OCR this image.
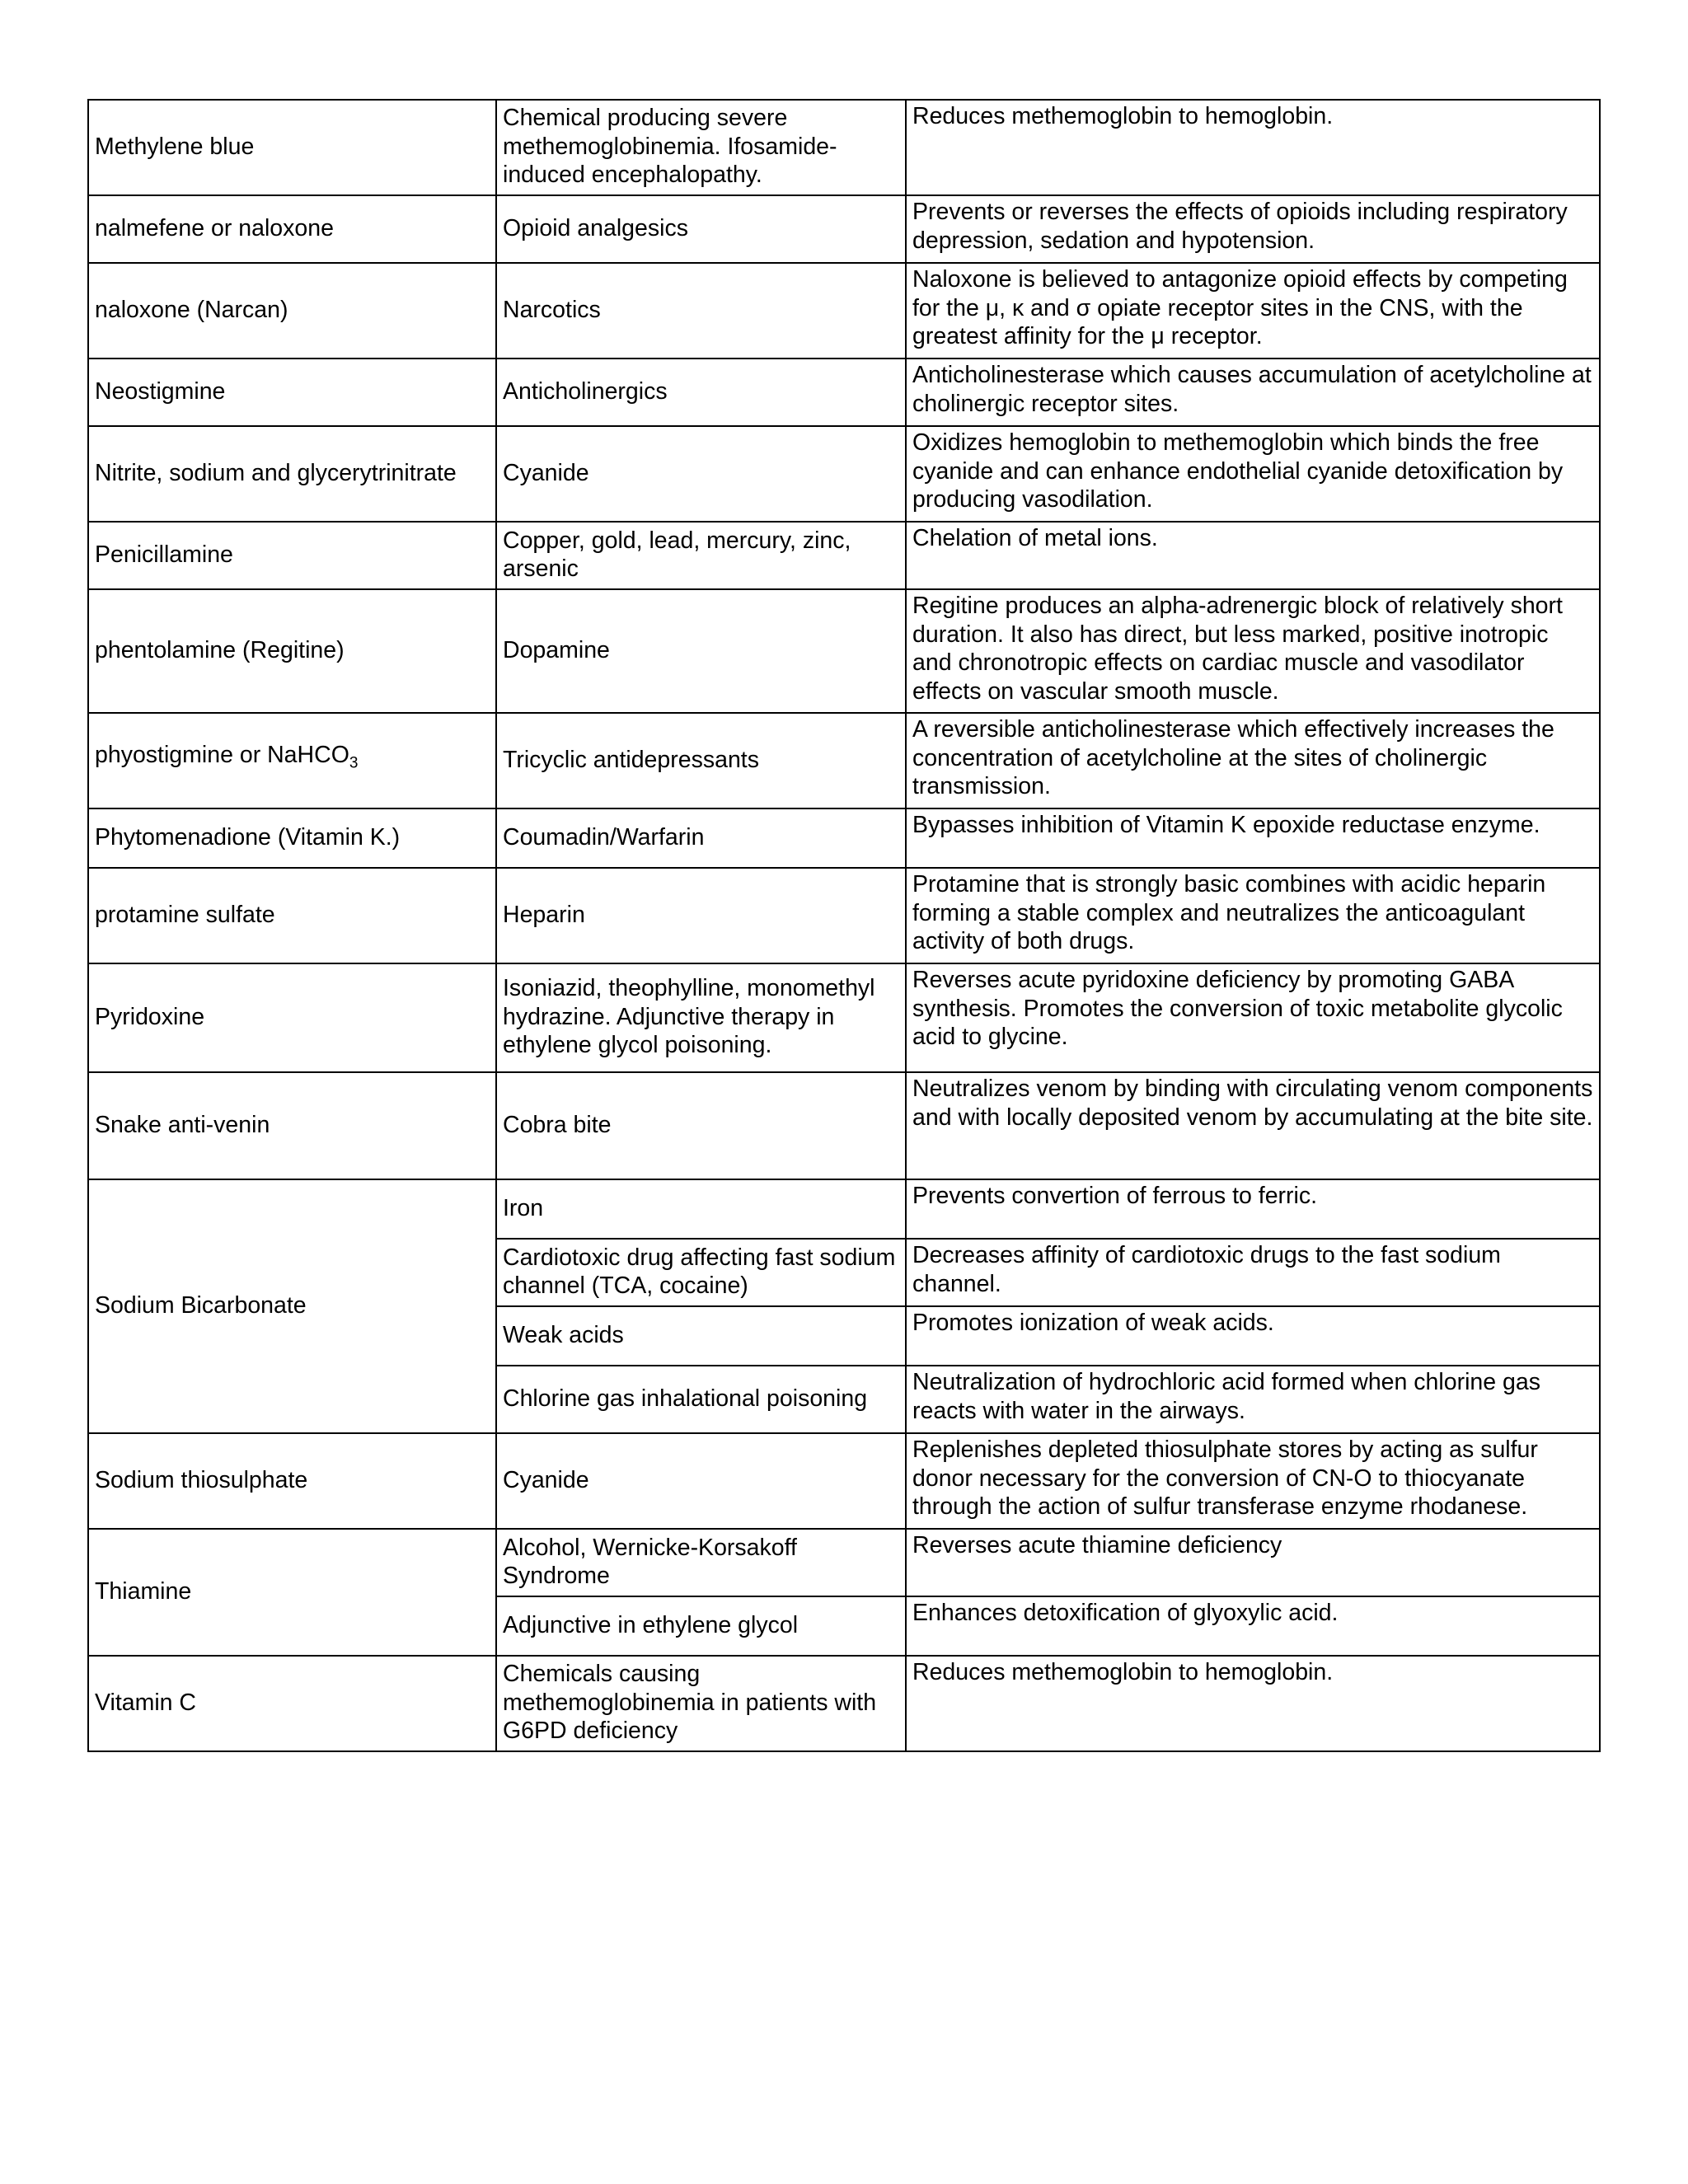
Methylene blue	Chemical producing severe methemoglobinemia. Ifosamide-induced encephalopathy.	Reduces methemoglobin to hemoglobin.
nalmefene or naloxone	Opioid analgesics	Prevents or reverses the effects of opioids including respiratory depression, sedation and hypotension.
naloxone (Narcan)	Narcotics	Naloxone is believed to antagonize opioid effects by competing for the μ, κ and σ opiate receptor sites in the CNS, with the greatest affinity for the μ receptor.
Neostigmine	Anticholinergics	Anticholinesterase which causes accumulation of acetylcholine at cholinergic receptor sites.
Nitrite, sodium and glycerytrinitrate	Cyanide	Oxidizes hemoglobin to methemoglobin which binds the free cyanide and can enhance endothelial cyanide detoxification by producing vasodilation.
Penicillamine	Copper, gold, lead, mercury, zinc, arsenic	Chelation of metal ions.
phentolamine (Regitine)	Dopamine	Regitine produces an alpha-adrenergic block of relatively short duration. It also has direct, but less marked, positive inotropic and chronotropic effects on cardiac muscle and vasodilator effects on vascular smooth muscle.
phyostigmine or NaHCO$_3$	Tricyclic antidepressants	A reversible anticholinesterase which effectively increases the concentration of acetylcholine at the sites of cholinergic transmission.
Phytomenadione (Vitamin K.)	Coumadin/Warfarin	Bypasses inhibition of Vitamin K epoxide reductase enzyme.
protamine sulfate	Heparin	Protamine that is strongly basic combines with acidic heparin forming a stable complex and neutralizes the anticoagulant activity of both drugs.
Pyridoxine	Isoniazid, theophylline, monomethyl hydrazine. Adjunctive therapy in ethylene glycol poisoning.	Reverses acute pyridoxine deficiency by promoting GABA synthesis. Promotes the conversion of toxic metabolite glycolic acid to glycine.
Snake anti-venin	Cobra bite	Neutralizes venom by binding with circulating venom components and with locally deposited venom by accumulating at the bite site.
Sodium Bicarbonate	Iron	Prevents convertion of ferrous to ferric.
	Cardiotoxic drug affecting fast sodium channel (TCA, cocaine)	Decreases affinity of cardiotoxic drugs to the fast sodium channel.
	Weak acids	Promotes ionization of weak acids.
	Chlorine gas inhalational poisoning	Neutralization of hydrochloric acid formed when chlorine gas reacts with water in the airways.
Sodium thiosulphate	Cyanide	Replenishes depleted thiosulphate stores by acting as sulfur donor necessary for the conversion of CN-O to thiocyanate through the action of sulfur transferase enzyme rhodanese.
Thiamine	Alcohol, Wernicke-Korsakoff Syndrome	Reverses acute thiamine deficiency
	Adjunctive in ethylene glycol	Enhances detoxification of glyoxylic acid.
Vitamin C	Chemicals causing methemoglobinemia in patients with G6PD deficiency	Reduces methemoglobin to hemoglobin.
